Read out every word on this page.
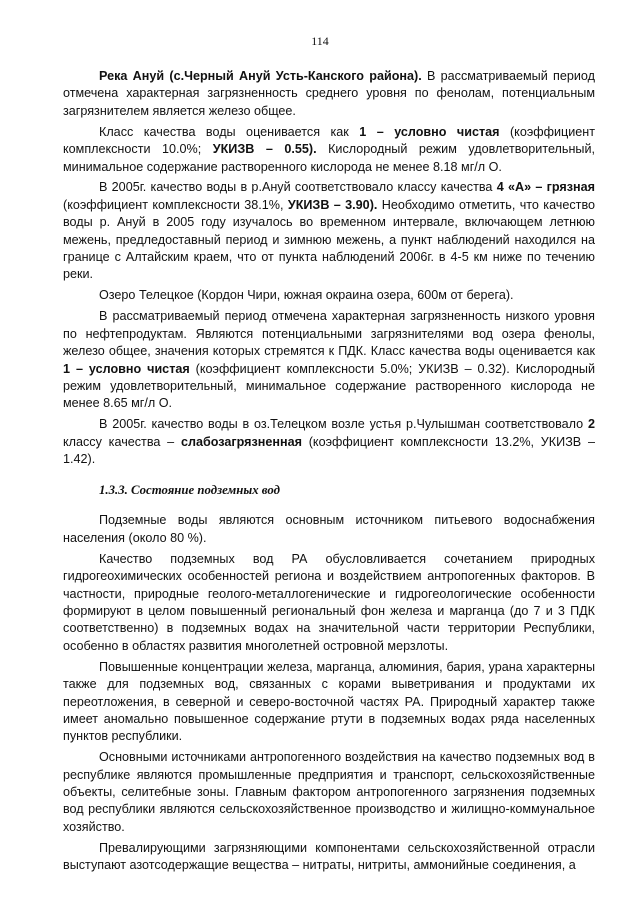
114

Река Ануй (с.Черный Ануй Усть-Канского района). В рассматриваемый период отмечена характерная загрязненность среднего уровня по фенолам, потенциальным загрязнителем является железо общее.

Класс качества воды оценивается как 1 – условно чистая (коэффициент комплексности 10.0%; УКИЗВ – 0.55). Кислородный режим удовлетворительный, минимальное содержание растворенного кислорода не менее 8.18 мг/л О.

В 2005г. качество воды в р.Ануй соответствовало классу качества 4 «А» – грязная (коэффициент комплексности 38.1%, УКИЗВ – 3.90). Необходимо отметить, что качество воды р. Ануй в 2005 году изучалось во временном интервале, включающем летнюю межень, предледоставный период и зимнюю межень, а пункт наблюдений находился на границе с Алтайским краем, что от пункта наблюдений 2006г. в 4-5 км ниже по течению реки.

Озеро Телецкое (Кордон Чири, южная окраина озера, 600м от берега).

В рассматриваемый период отмечена характерная загрязненность низкого уровня по нефтепродуктам. Являются потенциальными загрязнителями вод озера фенолы, железо общее, значения которых стремятся к ПДК. Класс качества воды оценивается как 1 – условно чистая (коэффициент комплексности 5.0%; УКИЗВ – 0.32). Кислородный режим удовлетворительный, минимальное содержание растворенного кислорода не менее 8.65 мг/л О.

В 2005г. качество воды в оз.Телецком возле устья р.Чулышман соответствовало 2 классу качества – слабозагрязненная (коэффициент комплексности 13.2%, УКИЗВ – 1.42).

1.3.3. Состояние подземных вод

Подземные воды являются основным источником питьевого водоснабжения населения (около 80 %).

Качество подземных вод РА обусловливается сочетанием природных гидрогеохимических особенностей региона и воздействием антропогенных факторов. В частности, природные геолого-металлогенические и гидрогеологические особенности формируют в целом повышенный региональный фон железа и марганца (до 7 и 3 ПДК соответственно) в подземных водах на значительной части территории Республики, особенно в областях развития многолетней островной мерзлоты.

Повышенные концентрации железа, марганца, алюминия, бария, урана характерны также для подземных вод, связанных с корами выветривания и продуктами их переотложения, в северной и северо-восточной частях РА. Природный характер также имеет аномально повышенное содержание ртути в подземных водах ряда населенных пунктов республики.

Основными источниками антропогенного воздействия на качество подземных вод в республике являются промышленные предприятия и транспорт, сельскохозяйственные объекты, селитебные зоны. Главным фактором антропогенного загрязнения подземных вод республики являются сельскохозяйственное производство и жилищно-коммунальное хозяйство.

Превалирующими загрязняющими компонентами сельскохозяйственной отрасли выступают азотсодержащие вещества – нитраты, нитриты, аммонийные соединения, а
